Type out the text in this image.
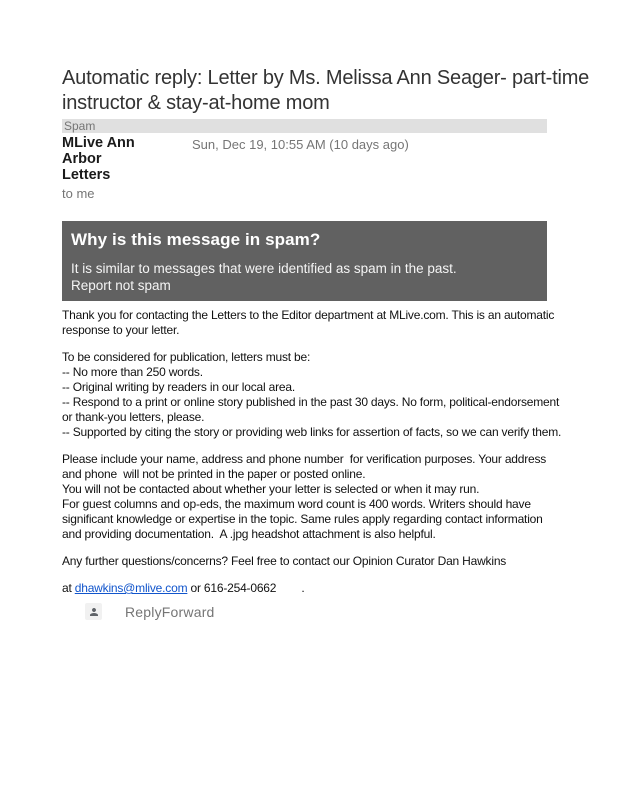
Automatic reply: Letter by Ms. Melissa Ann Seager- part-time instructor & stay-at-home mom
Spam
MLive Ann Arbor Letters
Sun, Dec 19, 10:55 AM (10 days ago)
to me
Why is this message in spam?
It is similar to messages that were identified as spam in the past.
Report not spam
Thank you for contacting the Letters to the Editor department at MLive.com. This is an automatic response to your letter.
To be considered for publication, letters must be:
-- No more than 250 words.
-- Original writing by readers in our local area.
-- Respond to a print or online story published in the past 30 days. No form, political-endorsement or thank-you letters, please.
-- Supported by citing the story or providing web links for assertion of facts, so we can verify them.
Please include your name, address and phone number  for verification purposes. Your address and phone  will not be printed in the paper or posted online.
You will not be contacted about whether your letter is selected or when it may run.
For guest columns and op-eds, the maximum word count is 400 words. Writers should have significant knowledge or expertise in the topic. Same rules apply regarding contact information and providing documentation.  A .jpg headshot attachment is also helpful.
Any further questions/concerns? Feel free to contact our Opinion Curator Dan Hawkins
at dhawkins@mlive.com or 616-254-0662        .
ReplyForward
